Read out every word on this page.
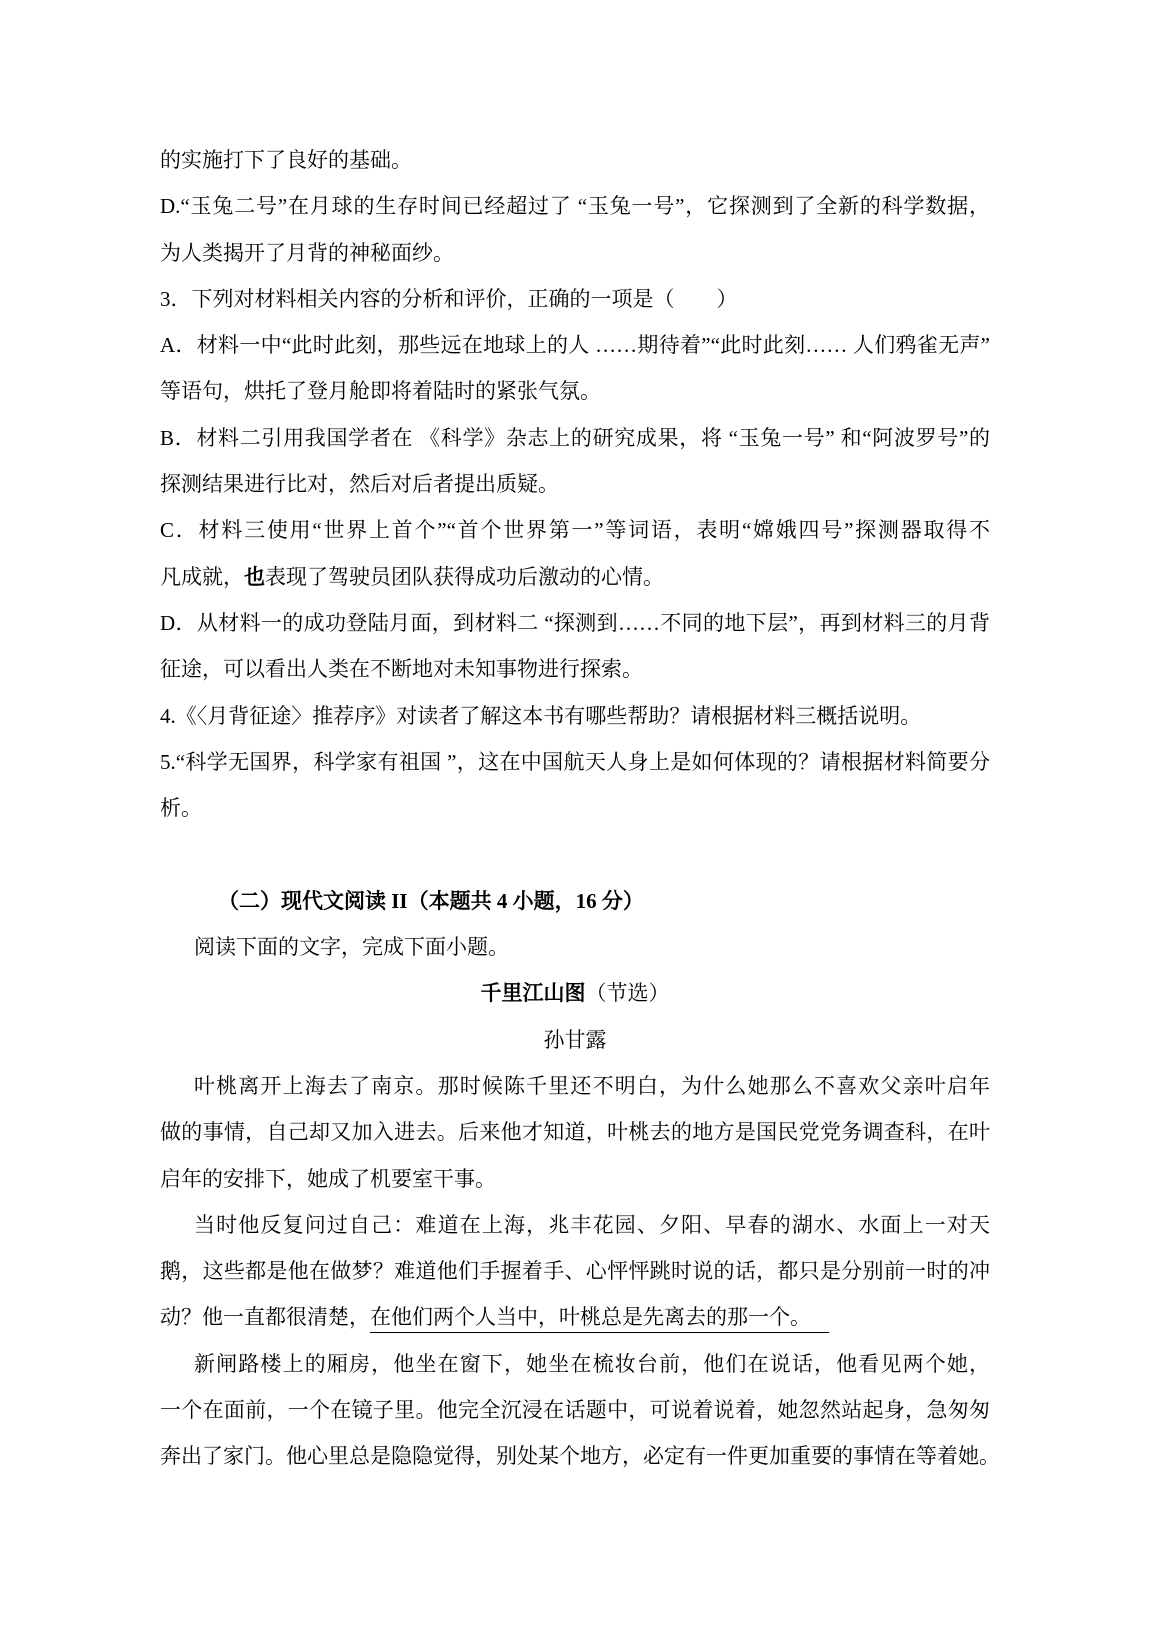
的实施打下了良好的基础。
D.“玉兔二号”在月球的生存时间已经超过了 “玉兔一号”，它探测到了全新的科学数据，
为人类揭开了月背的神秘面纱。
3．下列对材料相关内容的分析和评价，正确的一项是（　　）
A．材料一中“此时此刻，那些远在地球上的人 ……期待着”“此时此刻…… 人们鸦雀无声”
等语句，烘托了登月舱即将着陆时的紧张气氛。
B．材料二引用我国学者在 《科学》杂志上的研究成果，将 “玉兔一号” 和“阿波罗号”的
探测结果进行比对，然后对后者提出质疑。
C．材料三使用“世界上首个”“首个世界第一”等词语，表明“嫦娥四号”探测器取得不
凡成就，也表现了驾驶员团队获得成功后激动的心情。
D．从材料一的成功登陆月面，到材料二 “探测到……不同的地下层”，再到材料三的月背
征途，可以看出人类在不断地对未知事物进行探索。
4.《〈月背征途〉推荐序》对读者了解这本书有哪些帮助？请根据材料三概括说明。
5.“科学无国界，科学家有祖国 ”，这在中国航天人身上是如何体现的？请根据材料简要分
析。
（二）现代文阅读 II（本题共 4 小题，16 分）
阅读下面的文字，完成下面小题。
千里江山图（节选）
孙甘露
叶桃离开上海去了南京。那时候陈千里还不明白，为什么她那么不喜欢父亲叶启年
做的事情，自己却又加入进去。后来他才知道，叶桃去的地方是国民党党务调查科，在叶
启年的安排下，她成了机要室干事。
当时他反复问过自己：难道在上海，兆丰花园、夕阳、早春的湖水、水面上一对天
鹅，这些都是他在做梦？难道他们手握着手、心怦怦跳时说的话，都只是分别前一时的冲
动？他一直都很清楚，在他们两个人当中，叶桃总是先离去的那一个。
新闸路楼上的厢房，他坐在窗下，她坐在梳妆台前，他们在说话，他看见两个她，
一个在面前，一个在镜子里。他完全沉浸在话题中，可说着说着，她忽然站起身，急匆匆
奔出了家门。他心里总是隐隐觉得，别处某个地方，必定有一件更加重要的事情在等着她。
